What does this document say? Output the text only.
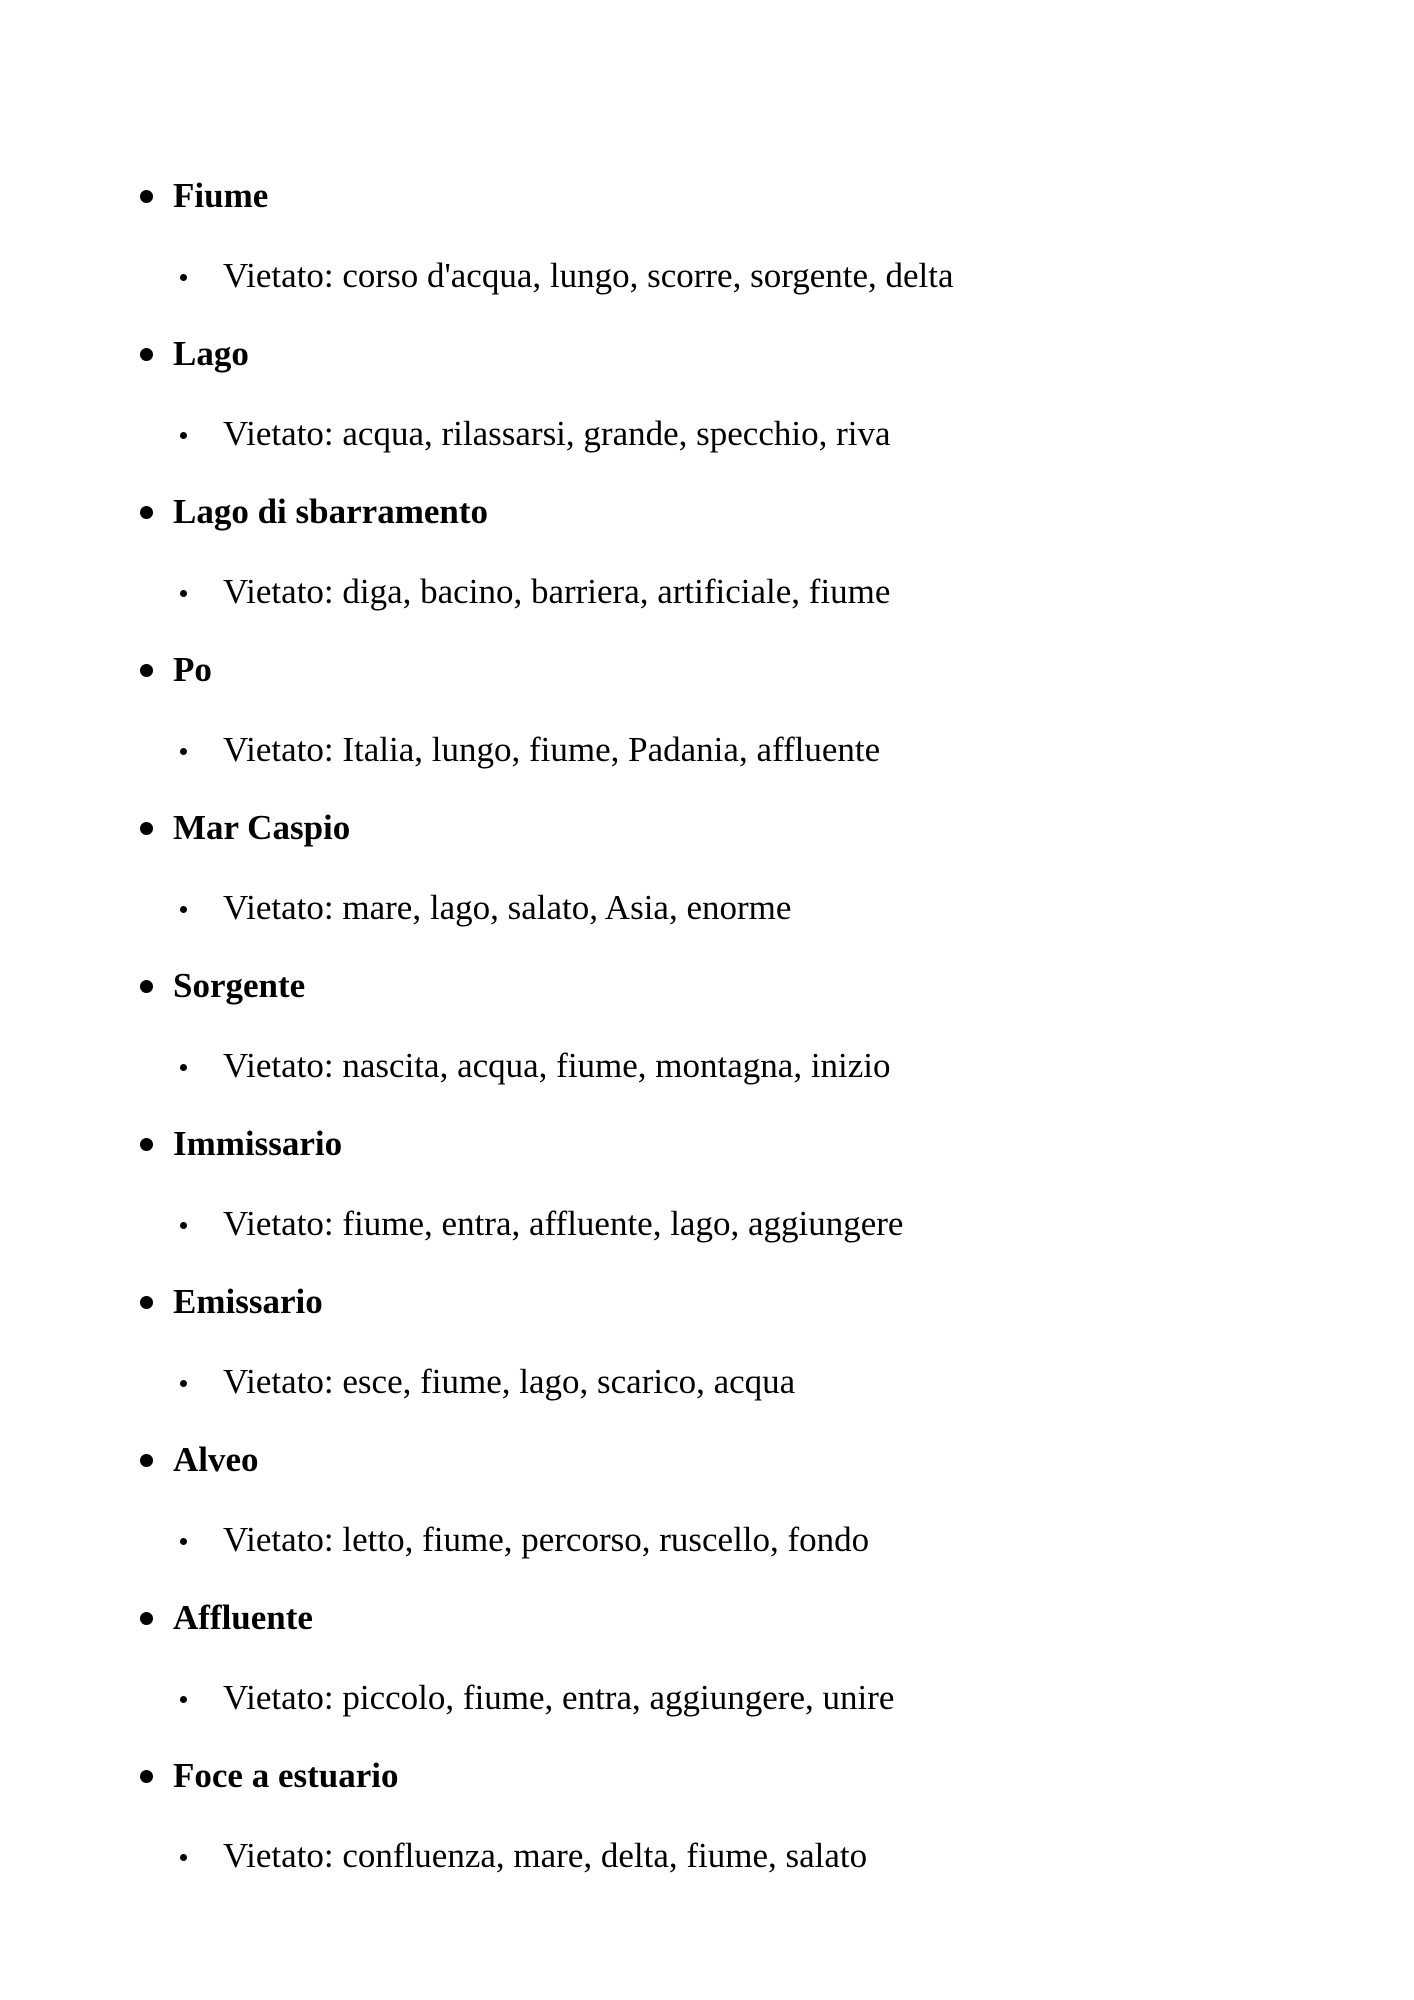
Fiume
Vietato: corso d'acqua, lungo, scorre, sorgente, delta
Lago
Vietato: acqua, rilassarsi, grande, specchio, riva
Lago di sbarramento
Vietato: diga, bacino, barriera, artificiale, fiume
Po
Vietato: Italia, lungo, fiume, Padania, affluente
Mar Caspio
Vietato: mare, lago, salato, Asia, enorme
Sorgente
Vietato: nascita, acqua, fiume, montagna, inizio
Immissario
Vietato: fiume, entra, affluente, lago, aggiungere
Emissario
Vietato: esce, fiume, lago, scarico, acqua
Alveo
Vietato: letto, fiume, percorso, ruscello, fondo
Affluente
Vietato: piccolo, fiume, entra, aggiungere, unire
Foce a estuario
Vietato: confluenza, mare, delta, fiume, salato
